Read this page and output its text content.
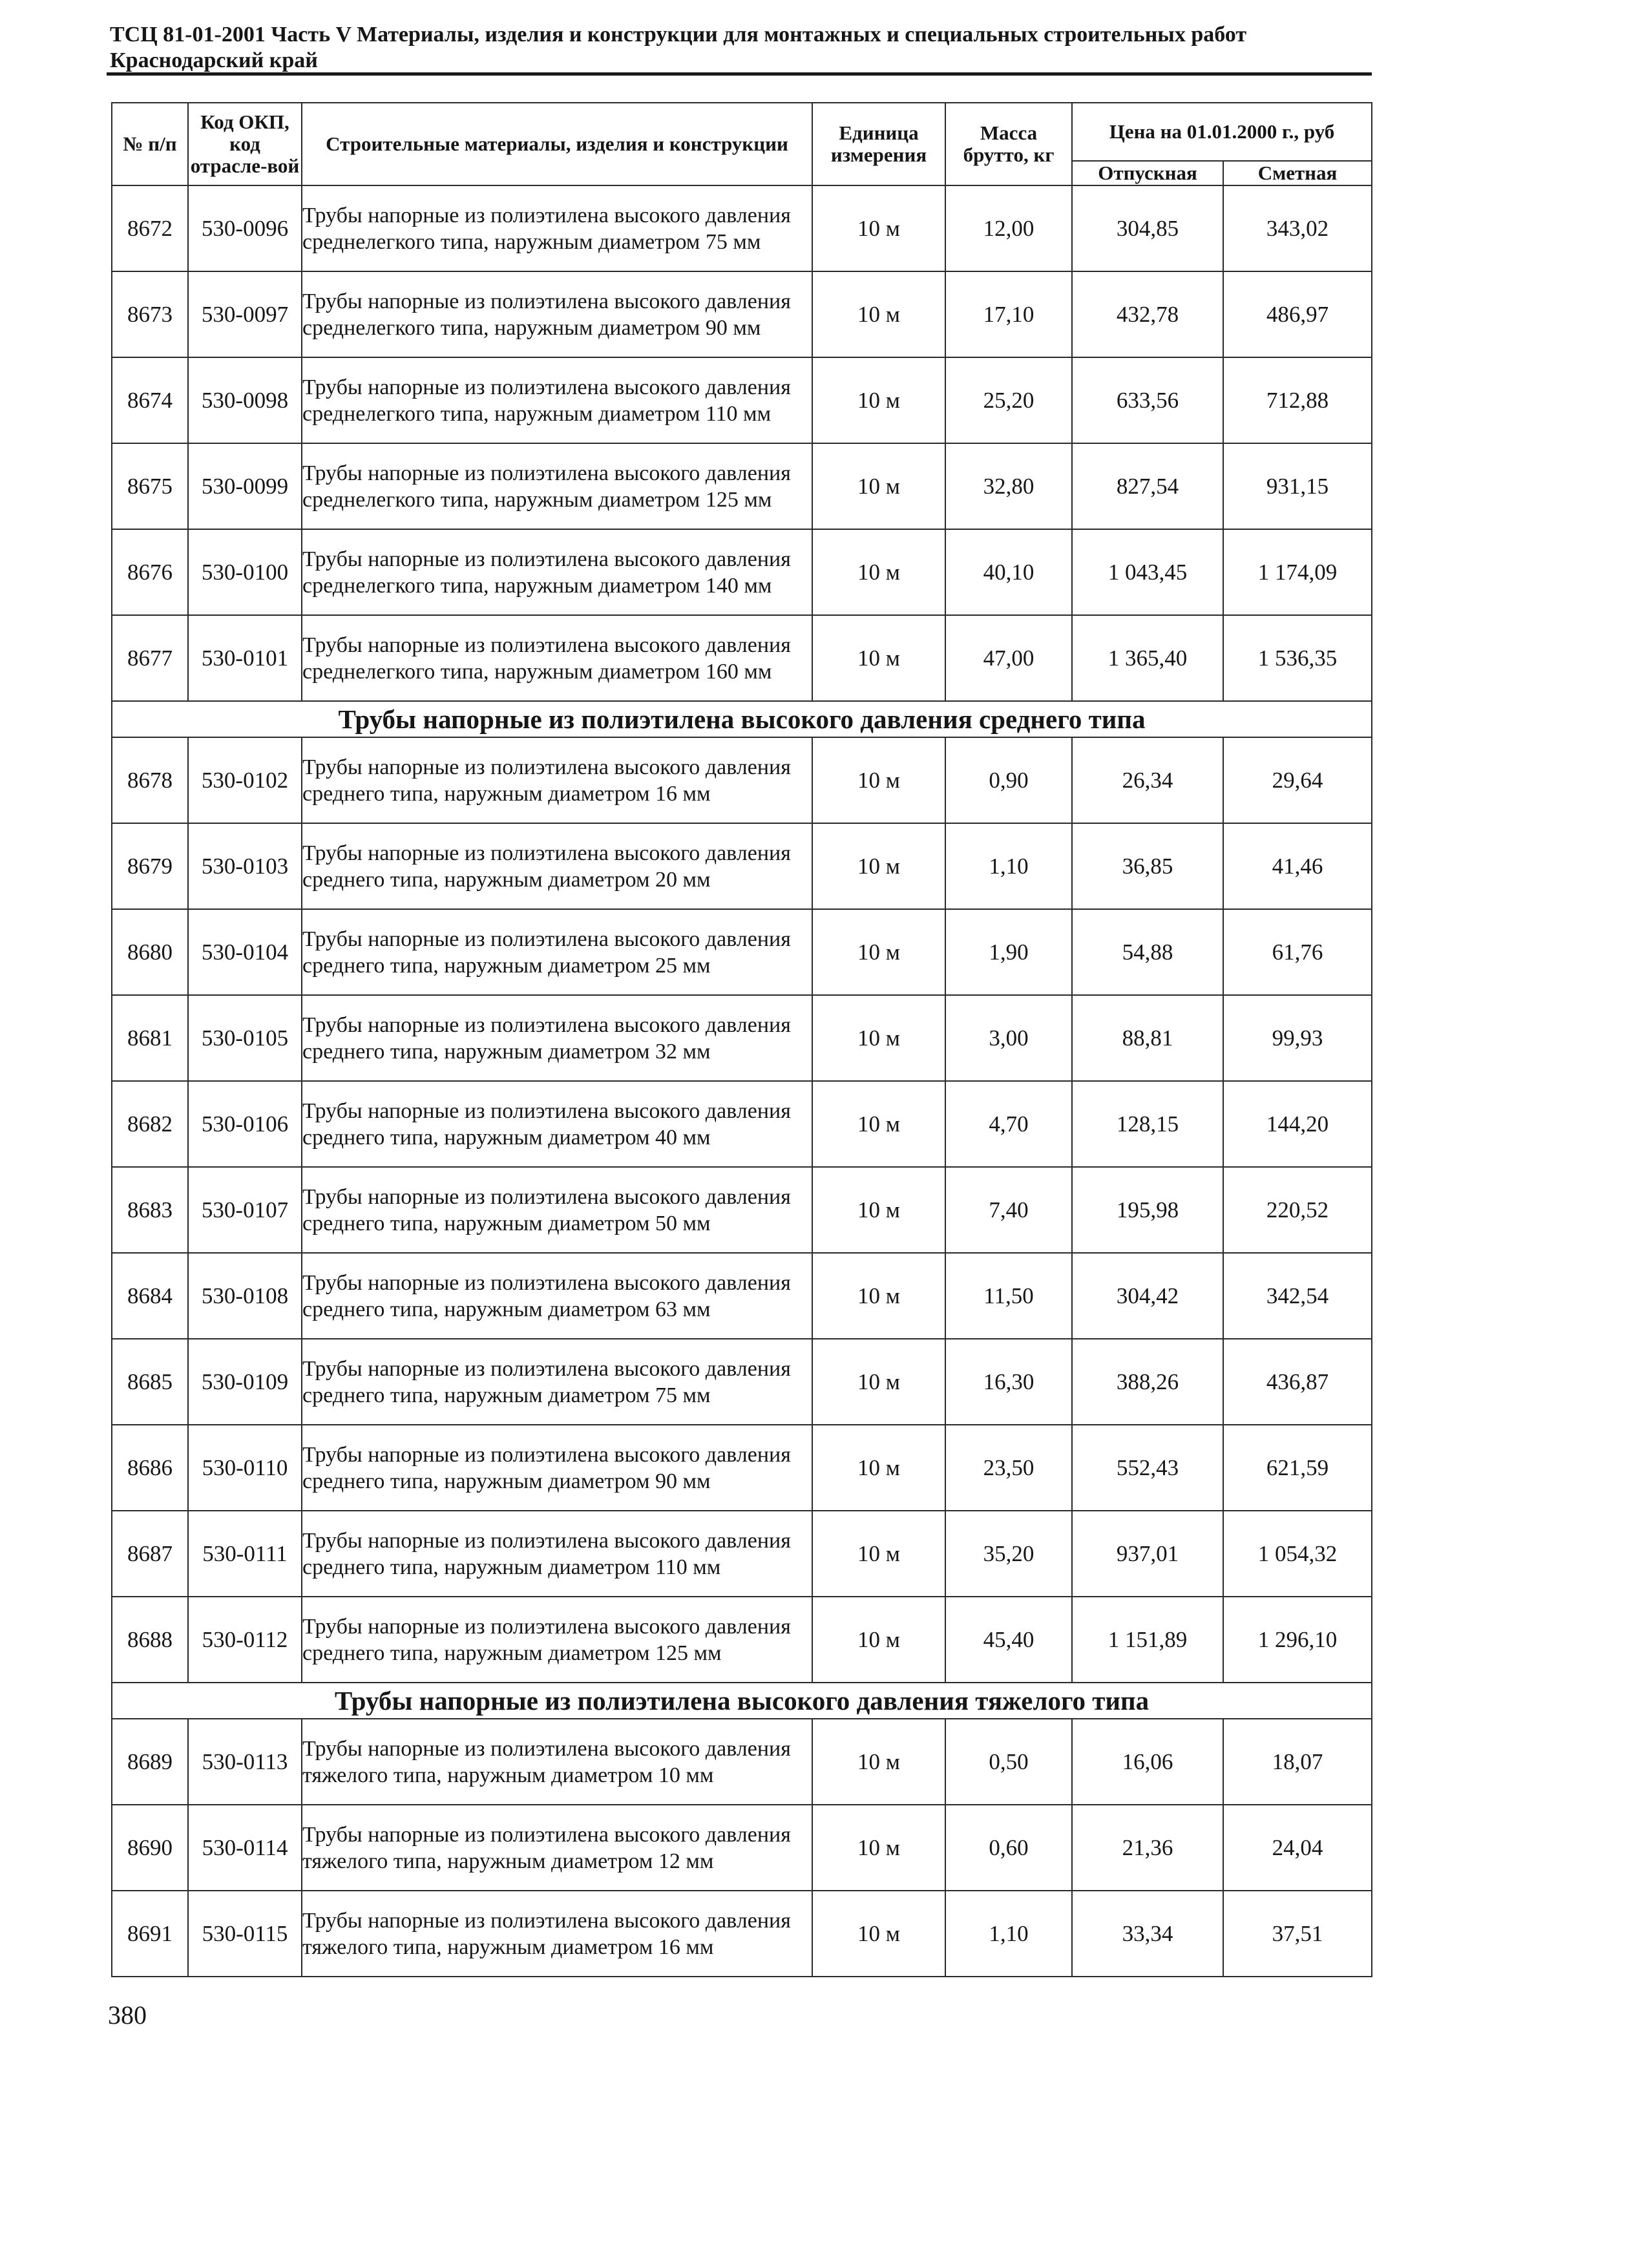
ТСЦ 81-01-2001 Часть V Материалы, изделия и конструкции для монтажных и специальных строительных работ
Краснодарский край
№ п/п	Код ОКП, код отрасле-вой	Строительные материалы, изделия и конструкции	Единица измерения	Масса брутто, кг	Цена на 01.01.2000 г., руб	
					Отпускная	Сметная
8672	530-0096	Трубы напорные из полиэтилена высокого давления среднелегкого типа, наружным диаметром 75 мм	10 м	12,00	304,85	343,02
8673	530-0097	Трубы напорные из полиэтилена высокого давления среднелегкого типа, наружным диаметром 90 мм	10 м	17,10	432,78	486,97
8674	530-0098	Трубы напорные из полиэтилена высокого давления среднелегкого типа, наружным диаметром 110 мм	10 м	25,20	633,56	712,88
8675	530-0099	Трубы напорные из полиэтилена высокого давления среднелегкого типа, наружным диаметром 125 мм	10 м	32,80	827,54	931,15
8676	530-0100	Трубы напорные из полиэтилена высокого давления среднелегкого типа, наружным диаметром 140 мм	10 м	40,10	1 043,45	1 174,09
8677	530-0101	Трубы напорные из полиэтилена высокого давления среднелегкого типа, наружным диаметром 160 мм	10 м	47,00	1 365,40	1 536,35
Трубы напорные из полиэтилена высокого давления среднего типа						
8678	530-0102	Трубы напорные из полиэтилена высокого давления среднего типа, наружным диаметром 16 мм	10 м	0,90	26,34	29,64
8679	530-0103	Трубы напорные из полиэтилена высокого давления среднего типа, наружным диаметром 20 мм	10 м	1,10	36,85	41,46
8680	530-0104	Трубы напорные из полиэтилена высокого давления среднего типа, наружным диаметром 25 мм	10 м	1,90	54,88	61,76
8681	530-0105	Трубы напорные из полиэтилена высокого давления среднего типа, наружным диаметром 32 мм	10 м	3,00	88,81	99,93
8682	530-0106	Трубы напорные из полиэтилена высокого давления среднего типа, наружным диаметром 40 мм	10 м	4,70	128,15	144,20
8683	530-0107	Трубы напорные из полиэтилена высокого давления среднего типа, наружным диаметром 50 мм	10 м	7,40	195,98	220,52
8684	530-0108	Трубы напорные из полиэтилена высокого давления среднего типа, наружным диаметром 63 мм	10 м	11,50	304,42	342,54
8685	530-0109	Трубы напорные из полиэтилена высокого давления среднего типа, наружным диаметром 75 мм	10 м	16,30	388,26	436,87
8686	530-0110	Трубы напорные из полиэтилена высокого давления среднего типа, наружным диаметром 90 мм	10 м	23,50	552,43	621,59
8687	530-0111	Трубы напорные из полиэтилена высокого давления среднего типа, наружным диаметром 110 мм	10 м	35,20	937,01	1 054,32
8688	530-0112	Трубы напорные из полиэтилена высокого давления среднего типа, наружным диаметром 125 мм	10 м	45,40	1 151,89	1 296,10
Трубы напорные из полиэтилена высокого давления тяжелого типа						
8689	530-0113	Трубы напорные из полиэтилена высокого давления тяжелого типа, наружным диаметром 10 мм	10 м	0,50	16,06	18,07
8690	530-0114	Трубы напорные из полиэтилена высокого давления тяжелого типа, наружным диаметром 12 мм	10 м	0,60	21,36	24,04
8691	530-0115	Трубы напорные из полиэтилена высокого давления тяжелого типа, наружным диаметром 16 мм	10 м	1,10	33,34	37,51
380
